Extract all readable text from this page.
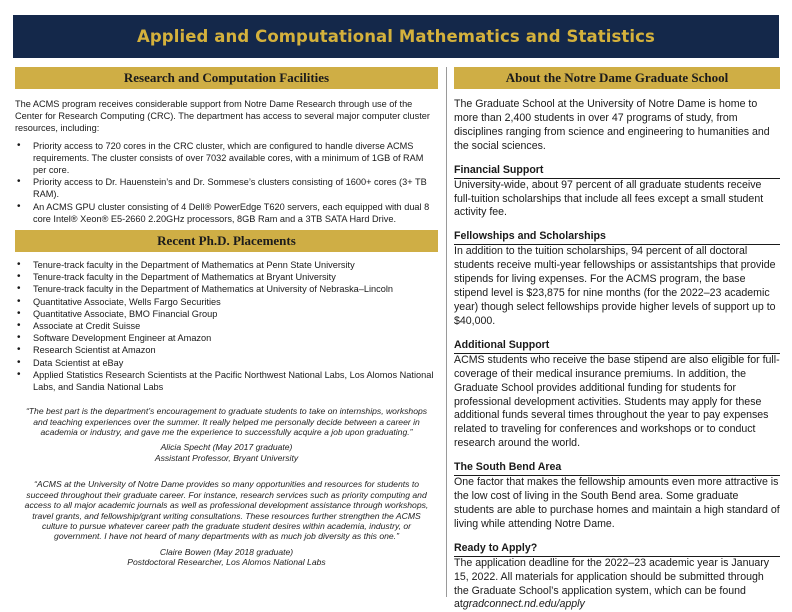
Applied and Computational Mathematics and Statistics
Research and Computation Facilities

The ACMS program receives considerable support from Notre Dame Research through use of the Center for Research Computing (CRC). The department has access to several major computer cluster resources, including:

• Priority access to 720 cores in the CRC cluster, which are configured to handle diverse ACMS requirements. The cluster consists of over 7032 available cores, with a minimum of 1GB of RAM per core.
• Priority access to Dr. Hauenstein’s and Dr. Sommese’s clusters consisting of 1600+ cores (3+ TB RAM).
• An ACMS GPU cluster consisting of 4 Dell® PowerEdge T620 servers, each equipped with dual 8 core Intel® Xeon® E5-2660 2.20GHz processors, 8GB Ram and a 3TB SATA Hard Drive.
Recent Ph.D. Placements
• Tenure-track faculty in the Department of Mathematics at Penn State University
• Tenure-track faculty in the Department of Mathematics at Bryant University
• Tenure-track faculty in the Department of Mathematics at University of Nebraska–Lincoln
• Quantitative Associate, Wells Fargo Securities
• Quantitative Associate, BMO Financial Group
• Associate at Credit Suisse
• Software Development Engineer at Amazon
• Research Scientist at Amazon
• Data Scientist at eBay
• Applied Statistics Research Scientists at the Pacific Northwest National Labs, Los Alomos National Labs, and Sandia National Labs

“The best part is the department’s encouragement to graduate students to take on internships, workshops and teaching experiences over the summer. It really helped me personally decide between a career in academia or industry, and gave me the experience to successfully acquire a job upon graduating.”

Alicia Specht (May 2017 graduate)

Assistant Professor, Bryant University

“ACMS at the University of Notre Dame provides so many opportunities and resources for students to succeed throughout their graduate career. For instance, research services such as priority computing and access to all major academic journals as well as professional development assistance through workshops, travel grants, and fellowship/grant writing consultations. These resources further strengthen the ACMS culture to pursue whatever career path the graduate student desires within academia, industry, or government. I have not heard of many departments with as much job diversity as this one.”

Claire Bowen (May 2018 graduate)

Postdoctoral Researcher, Los Alomos National Labs

About the Notre Dame Graduate School

The Graduate School at the University of Notre Dame is home to more than 2,400 students in over 47 programs of study, from disciplines ranging from science and engineering to humanities and the social sciences.

Financial Support

University-wide, about 97 percent of all graduate students receive full-tuition scholarships that include all fees except a small student activity fee.

Fellowships and Scholarships

In addition to the tuition scholarships, 94 percent of all doctoral students receive multi-year fellowships or assistantships that provide stipends for living expenses. For the ACMS program, the base stipend level is $23,875 for nine months (for the 2022–23 academic year) though select fellowships provide higher levels of support up to $40,000.

Additional Support

ACMS students who receive the base stipend are also eligible for full-coverage of their medical insurance premiums. In addition, the Graduate School provides additional funding for students for professional development activities. Students may apply for these additional funds several times throughout the year to pay expenses related to traveling for conferences and workshops or to conduct research around the world.

The South Bend Area

One factor that makes the fellowship amounts even more attractive is the low cost of living in the South Bend area. Some graduate students are able to purchase homes and maintain a high standard of living while attending Notre Dame.

Ready to Apply?

The application deadline for the 2022–23 academic year is January 15, 2022. All materials for application should be submitted through the Graduate School’s application system, which can be found atgradconnect.nd.edu/apply
